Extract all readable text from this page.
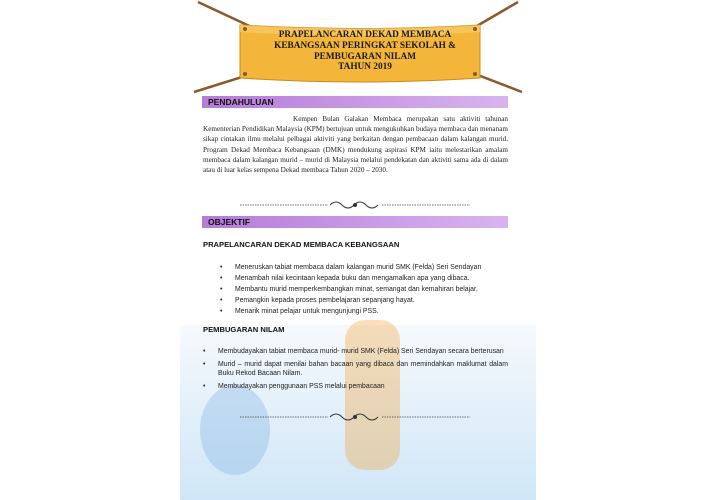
PRAPELANCARAN DEKAD MEMBACA
KEBANGSAAN PERINGKAT SEKOLAH &
PEMBUGARAN NILAM
TAHUN 2019
PENDAHULUAN
Kempen Bulan Galakan Membaca merupakan satu aktiviti tahunan Kementerian Pendidikan Malaysia (KPM) bertujuan untuk mengukuhkan budaya membaca dan menanam sikap cintakan ilmu melalui pelbagai aktiviti yang berkaitan dengan pembacaan dalam kalangan murid. Program Dekad Membaca Kebangsaan (DMK) mendukung aspirasi KPM iaitu melestarikan amalam membaca dalam kalangan murid – murid di Malaysia melalui pendekatan dan aktiviti sama ada di dalam atau di luar kelas sempena Dekad membaca Tahun 2020 – 2030.
OBJEKTIF
PRAPELANCARAN DEKAD MEMBACA KEBANGSAAN
• Meneruskan tabiat membaca dalam kalangan murid SMK (Felda) Seri Sendayan
• Menambah nilai kecintaan kepada buku dan mengamalkan apa yang dibaca.
• Membantu murid memperkembangkan minat, semangat dan kemahiran belajar.
• Pemangkin kepada proses pembelajaran sepanjang hayat.
• Menarik minat pelajar untuk mengunjungi PSS.
PEMBUGARAN NILAM
• Membudayakan tabiat membaca murid- murid SMK (Felda) Seri Sendayan secara berterusan
• Murid – murid dapat menilai bahan bacaan yang dibaca dan memindahkan maklumat dalam Buku Rekod Bacaan Nilam.
• Membudayakan penggunaan PSS melalui pembacaan
